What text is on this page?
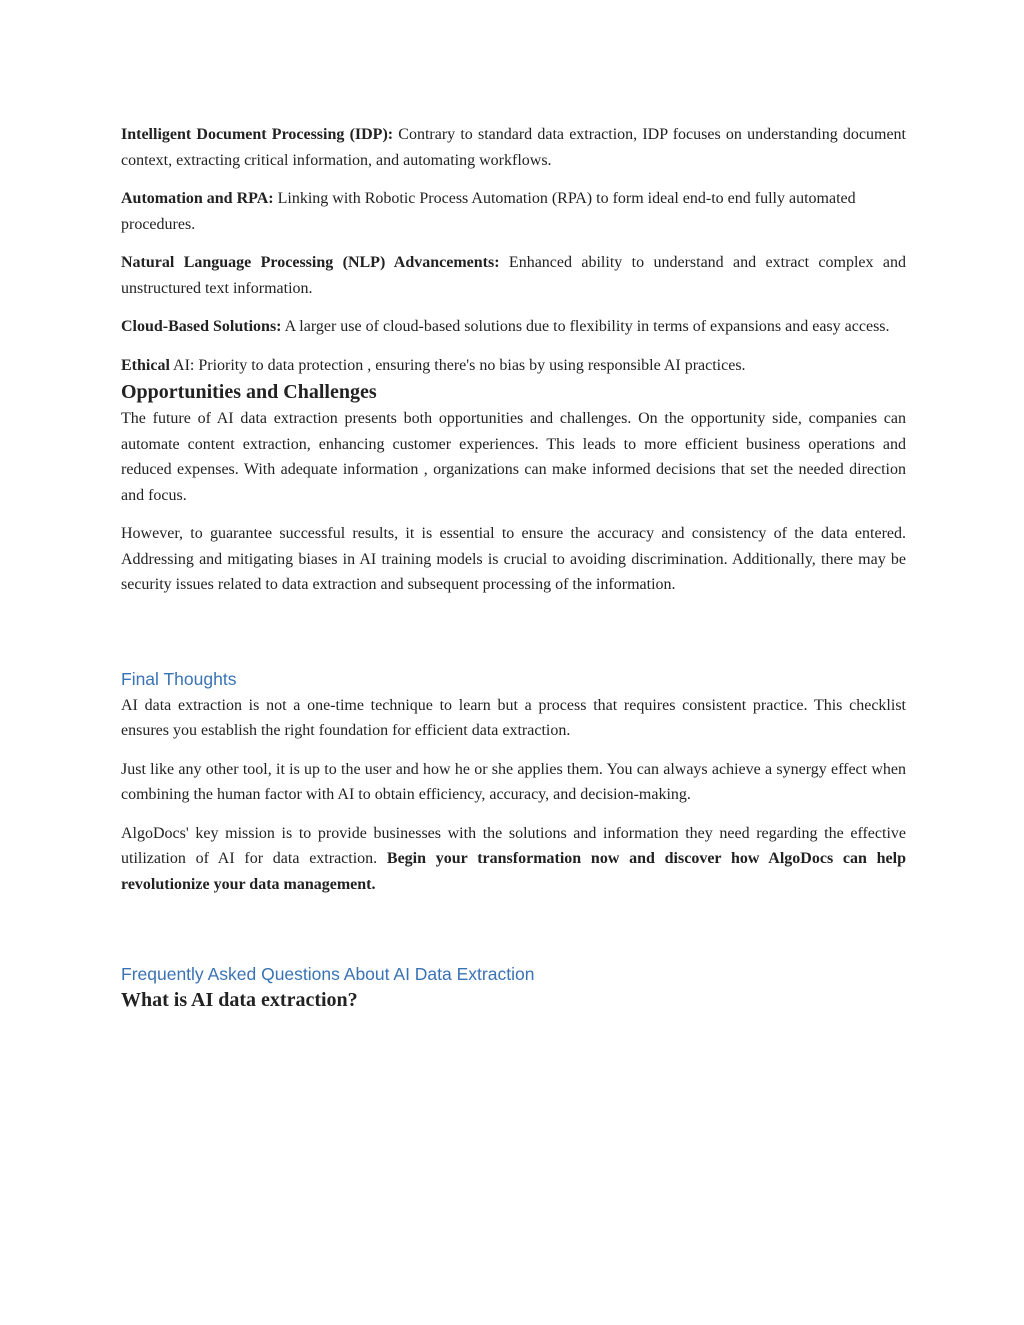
Intelligent Document Processing (IDP): Contrary to standard data extraction, IDP focuses on understanding document context, extracting critical information, and automating workflows.

Automation and RPA: Linking with Robotic Process Automation (RPA) to form ideal end-to end fully automated procedures.

Natural Language Processing (NLP) Advancements: Enhanced ability to understand and extract complex and unstructured text information.

Cloud-Based Solutions: A larger use of cloud-based solutions due to flexibility in terms of expansions and easy access.

Ethical AI: Priority to data protection , ensuring there's no bias by using responsible AI practices.

Opportunities and Challenges

The future of AI data extraction presents both opportunities and challenges. On the opportunity side, companies can automate content extraction, enhancing customer experiences. This leads to more efficient business operations and reduced expenses. With adequate information , organizations can make informed decisions that set the needed direction and focus.

However, to guarantee successful results, it is essential to ensure the accuracy and consistency of the data entered. Addressing and mitigating biases in AI training models is crucial to avoiding discrimination. Additionally, there may be security issues related to data extraction and subsequent processing of the information.

Final Thoughts

AI data extraction is not a one-time technique to learn but a process that requires consistent practice. This checklist ensures you establish the right foundation for efficient data extraction.

Just like any other tool, it is up to the user and how he or she applies them. You can always achieve a synergy effect when combining the human factor with AI to obtain efficiency, accuracy, and decision-making.

AlgoDocs' key mission is to provide businesses with the solutions and information they need regarding the effective utilization of AI for data extraction. Begin your transformation now and discover how AlgoDocs can help revolutionize your data management.

Frequently Asked Questions About AI Data Extraction
What is AI data extraction?
